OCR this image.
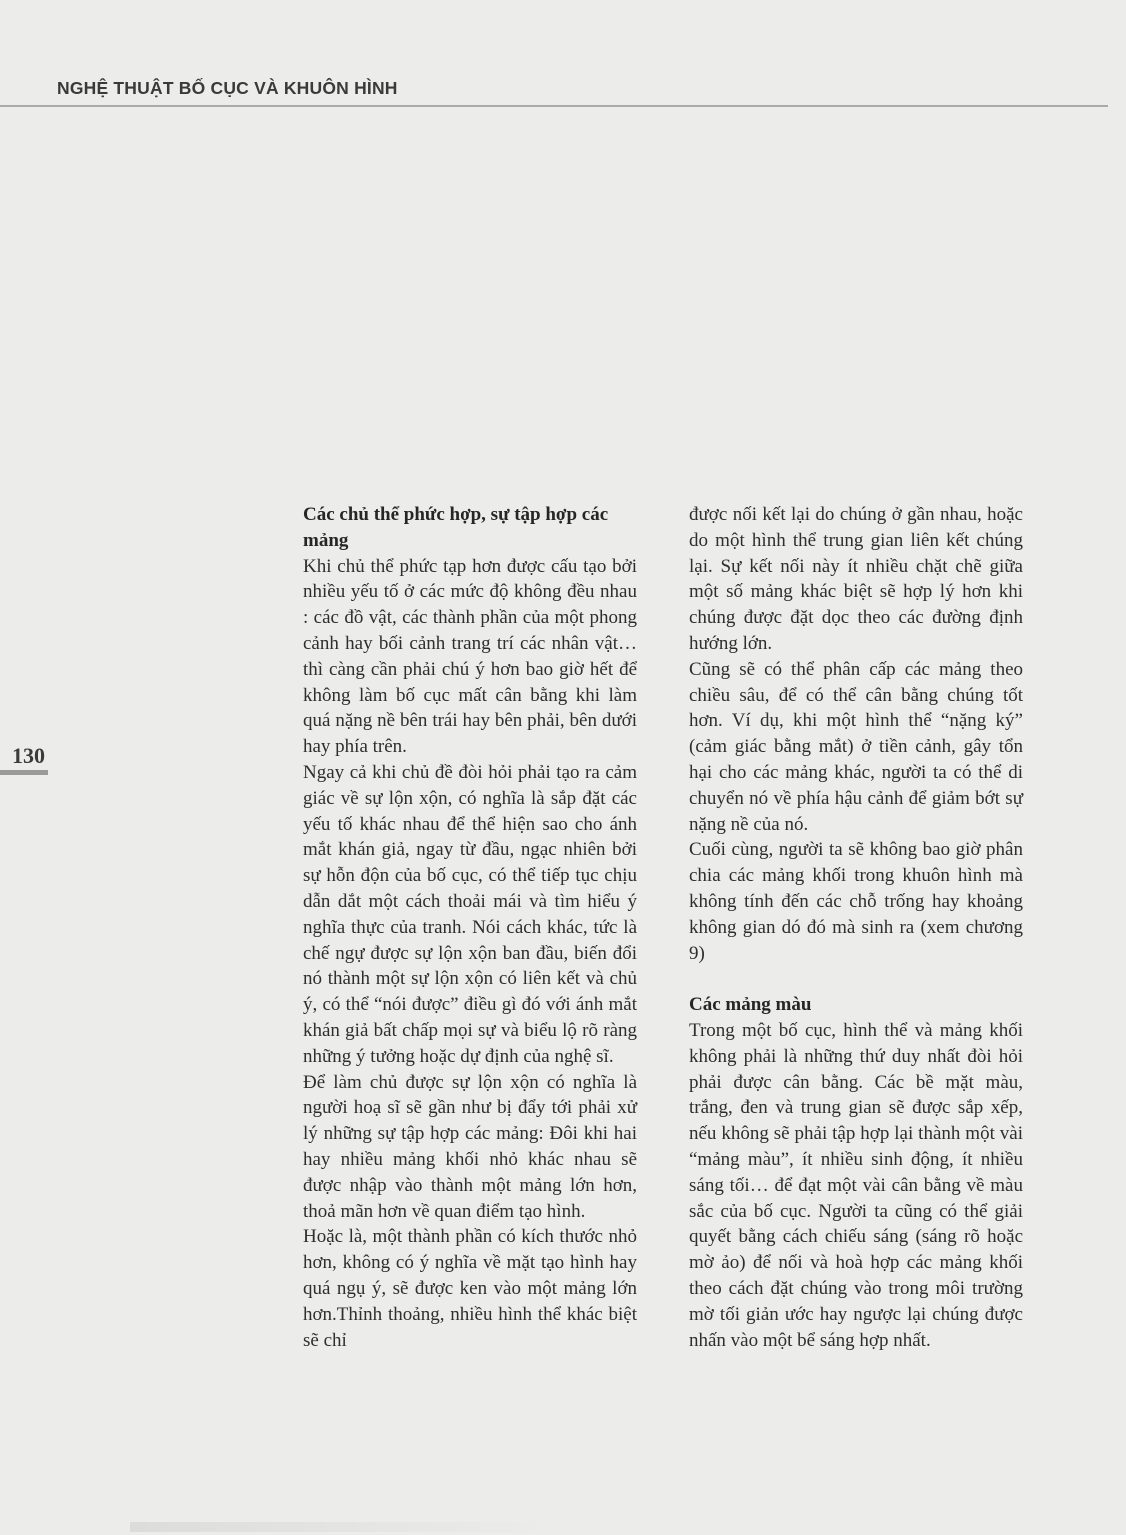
NGHỆ THUẬT BỐ CỤC VÀ KHUÔN HÌNH
130
Các chủ thể phức hợp, sự tập hợp các mảng

Khi chủ thể phức tạp hơn được cấu tạo bởi nhiều yếu tố ở các mức độ không đều nhau : các đồ vật, các thành phần của một phong cảnh hay bối cảnh trang trí các nhân vật…thì càng cần phải chú ý hơn bao giờ hết để không làm bố cục mất cân bằng khi làm quá nặng nề bên trái hay bên phải, bên dưới hay phía trên.

Ngay cả khi chủ đề đòi hỏi phải tạo ra cảm giác về sự lộn xộn, có nghĩa là sắp đặt các yếu tố khác nhau để thể hiện sao cho ánh mắt khán giả, ngay từ đầu, ngạc nhiên bởi sự hỗn độn của bố cục, có thể tiếp tục chịu dẫn dắt một cách thoải mái và tìm hiểu ý nghĩa thực của tranh. Nói cách khác, tức là chế ngự được sự lộn xộn ban đầu, biến đổi nó thành một sự lộn xộn có liên kết và chủ ý, có thể “nói được” điều gì đó với ánh mắt khán giả bất chấp mọi sự và biểu lộ rõ ràng những ý tưởng hoặc dự định của nghệ sĩ.

Để làm chủ được sự lộn xộn có nghĩa là người hoạ sĩ sẽ gần như bị đẩy tới phải xử lý những sự tập hợp các mảng: Đôi khi hai hay nhiều mảng khối nhỏ khác nhau sẽ được nhập vào thành một mảng lớn hơn, thoả mãn hơn về quan điểm tạo hình.

Hoặc là, một thành phần có kích thước nhỏ hơn, không có ý nghĩa về mặt tạo hình hay quá ngụ ý, sẽ được ken vào một mảng lớn hơn.Thỉnh thoảng, nhiều hình thể khác biệt sẽ chỉ

được nối kết lại do chúng ở gần nhau, hoặc do một hình thể trung gian liên kết chúng lại. Sự kết nối này ít nhiều chặt chẽ giữa một số mảng khác biệt sẽ hợp lý hơn khi chúng được đặt dọc theo các đường định hướng lớn.

Cũng sẽ có thể phân cấp các mảng theo chiều sâu, để có thể cân bằng chúng tốt hơn. Ví dụ, khi một hình thể “nặng ký” (cảm giác bằng mắt) ở tiền cảnh, gây tổn hại cho các mảng khác, người ta có thể di chuyển nó về phía hậu cảnh để giảm bớt sự nặng nề của nó.

Cuối cùng, người ta sẽ không bao giờ phân chia các mảng khối trong khuôn hình mà không tính đến các chỗ trống hay khoảng không gian dó đó mà sinh ra (xem chương 9)

Các mảng màu

Trong một bố cục, hình thể và mảng khối không phải là những thứ duy nhất đòi hỏi phải được cân bằng. Các bề mặt màu, trắng, đen và trung gian sẽ được sắp xếp, nếu không sẽ phải tập hợp lại thành một vài “mảng màu”, ít nhiều sinh động, ít nhiều sáng tối… để đạt một vài cân bằng về màu sắc của bố cục. Người ta cũng có thể giải quyết bằng cách chiếu sáng (sáng rõ hoặc mờ ảo) để nối và hoà hợp các mảng khối theo cách đặt chúng vào trong môi trường mờ tối giản ước hay ngược lại chúng được nhấn vào một bể sáng hợp nhất.
